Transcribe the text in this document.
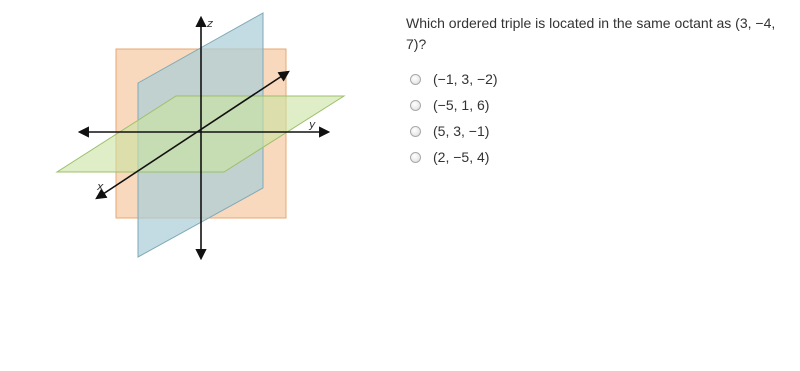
z
y
x
Which ordered triple is located in the same octant as (3, −4, 7)?
(−1, 3, −2)
(−5, 1, 6)
(5, 3, −1)
(2, −5, 4)
